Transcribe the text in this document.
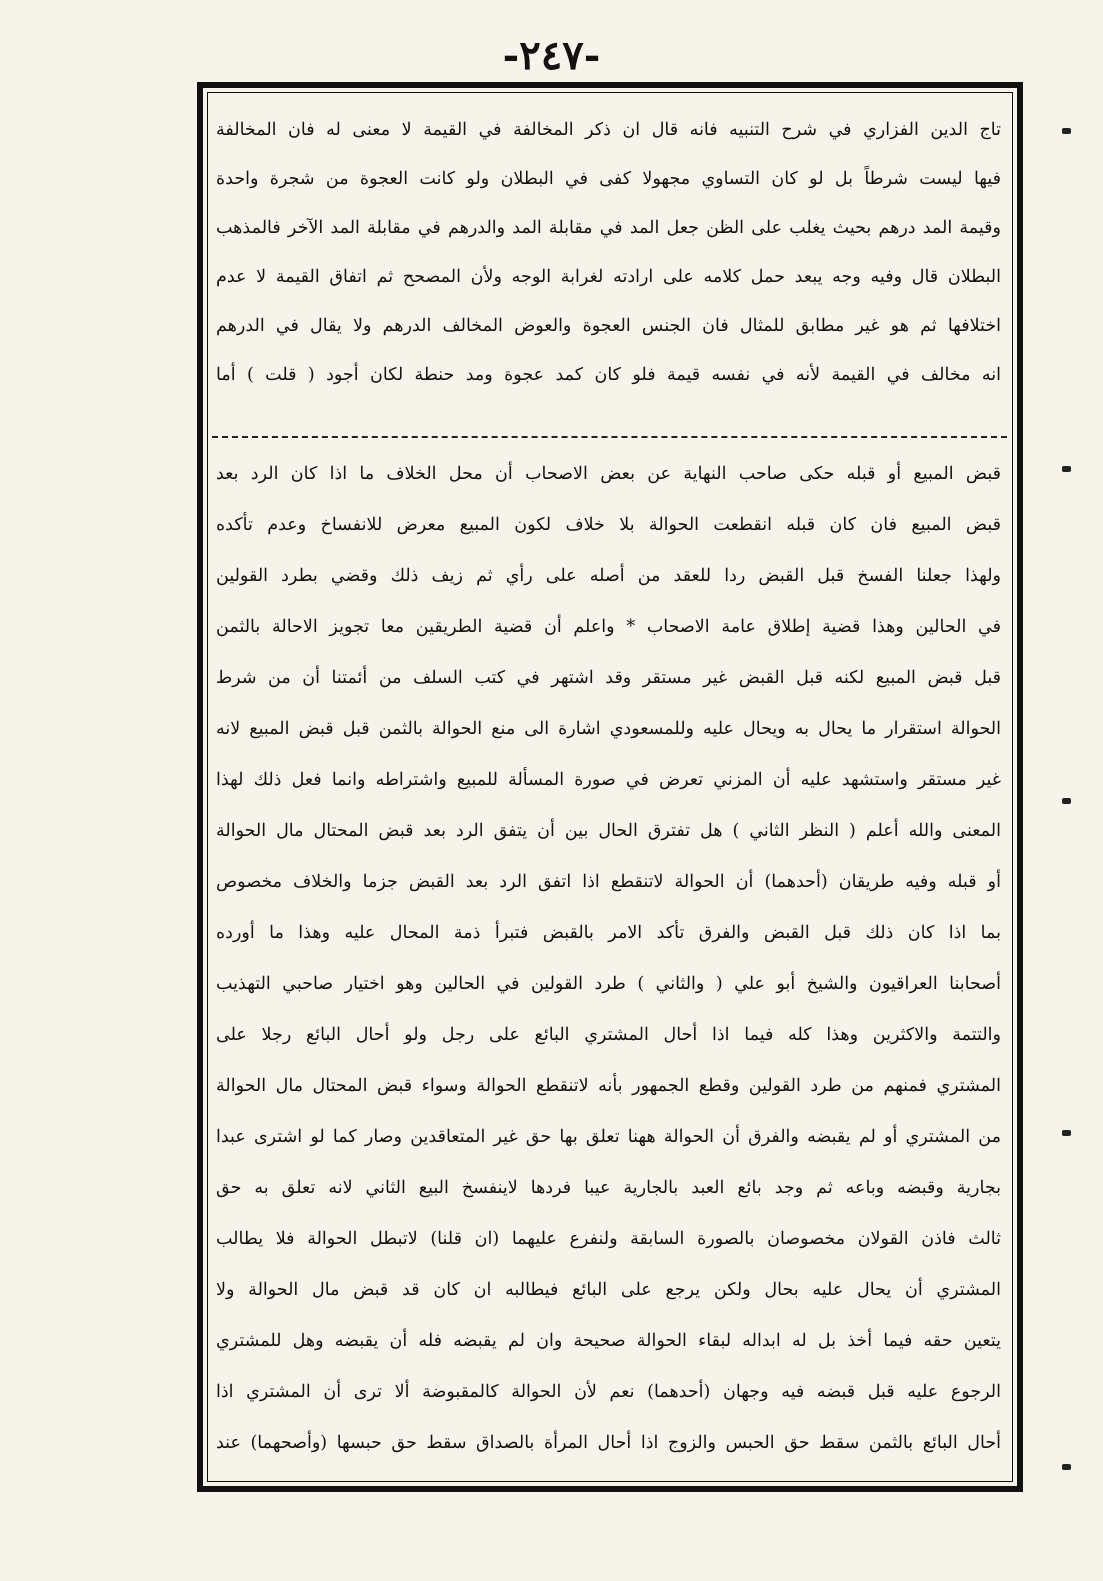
-٢٤٧-
تاج الدين الفزاري في شرح التنبيه فانه قال ان ذكر المخالفة في القيمة لا معنى له فان المخالفة
فيها ليست شرطاً بل لو كان التساوي مجهولا كفى في البطلان ولو كانت العجوة من شجرة واحدة
وقيمة المد درهم بحيث يغلب على الظن جعل المد في مقابلة المد والدرهم في مقابلة المد الآخر فالمذهب
البطلان قال وفيه وجه يبعد حمل كلامه على ارادته لغرابة الوجه ولأن المصحح ثم اتفاق القيمة لا عدم
اختلافها ثم هو غير مطابق للمثال فان الجنس العجوة والعوض المخالف الدرهم ولا يقال في الدرهم
انه مخالف في القيمة لأنه في نفسه قيمة فلو كان كمد عجوة ومد حنطة لكان أجود ( قلت ) أما
قبض المبيع أو قبله حكى صاحب النهاية عن بعض الاصحاب أن محل الخلاف ما اذا كان الرد بعد
قبض المبيع فان كان قبله انقطعت الحوالة بلا خلاف لكون المبيع معرض للانفساخ وعدم تأكده
ولهذا جعلنا الفسخ قبل القبض ردا للعقد من أصله على رأي ثم زيف ذلك وقضي بطرد القولين
في الحالين وهذا قضية إطلاق عامة الاصحاب * واعلم أن قضية الطريقين معا تجويز الاحالة بالثمن
قبل قبض المبيع لكنه قبل القبض غير مستقر وقد اشتهر في كتب السلف من أئمتنا أن من شرط
الحوالة استقرار ما يحال به ويحال عليه وللمسعودي اشارة الى منع الحوالة بالثمن قبل قبض المبيع لانه
غير مستقر واستشهد عليه أن المزني تعرض في صورة المسألة للمبيع واشتراطه وانما فعل ذلك لهذا
المعنى والله أعلم ( النظر الثاني ) هل تفترق الحال بين أن يتفق الرد بعد قبض المحتال مال الحوالة
أو قبله وفيه طريقان (أحدهما) أن الحوالة لاتنقطع اذا اتفق الرد بعد القبض جزما والخلاف مخصوص
بما اذا كان ذلك قبل القبض والفرق تأكد الامر بالقبض فتبرأ ذمة المحال عليه وهذا ما أورده
أصحابنا العراقيون والشيخ أبو علي ( والثاني ) طرد القولين في الحالين وهو اختيار صاحبي التهذيب
والتتمة والاكثرين وهذا كله فيما اذا أحال المشتري البائع على رجل ولو أحال البائع رجلا على
المشتري فمنهم من طرد القولين وقطع الجمهور بأنه لاتنقطع الحوالة وسواء قبض المحتال مال الحوالة
من المشتري أو لم يقبضه والفرق أن الحوالة ههنا تعلق بها حق غير المتعاقدين وصار كما لو اشترى عبدا
بجارية وقبضه وباعه ثم وجد بائع العبد بالجارية عيبا فردها لاينفسخ البيع الثاني لانه تعلق به حق
ثالث فاذن القولان مخصوصان بالصورة السابقة ولنفرع عليهما (ان قلنا) لاتبطل الحوالة فلا يطالب
المشتري أن يحال عليه بحال ولكن يرجع على البائع فيطالبه ان كان قد قبض مال الحوالة ولا
يتعين حقه فيما أخذ بل له ابداله لبقاء الحوالة صحيحة وان لم يقبضه فله أن يقبضه وهل للمشتري
الرجوع عليه قبل قبضه فيه وجهان (أحدهما) نعم لأن الحوالة كالمقبوضة ألا ترى أن المشتري اذا
أحال البائع بالثمن سقط حق الحبس والزوج اذا أحال المرأة بالصداق سقط حق حبسها (وأصحهما) عند
